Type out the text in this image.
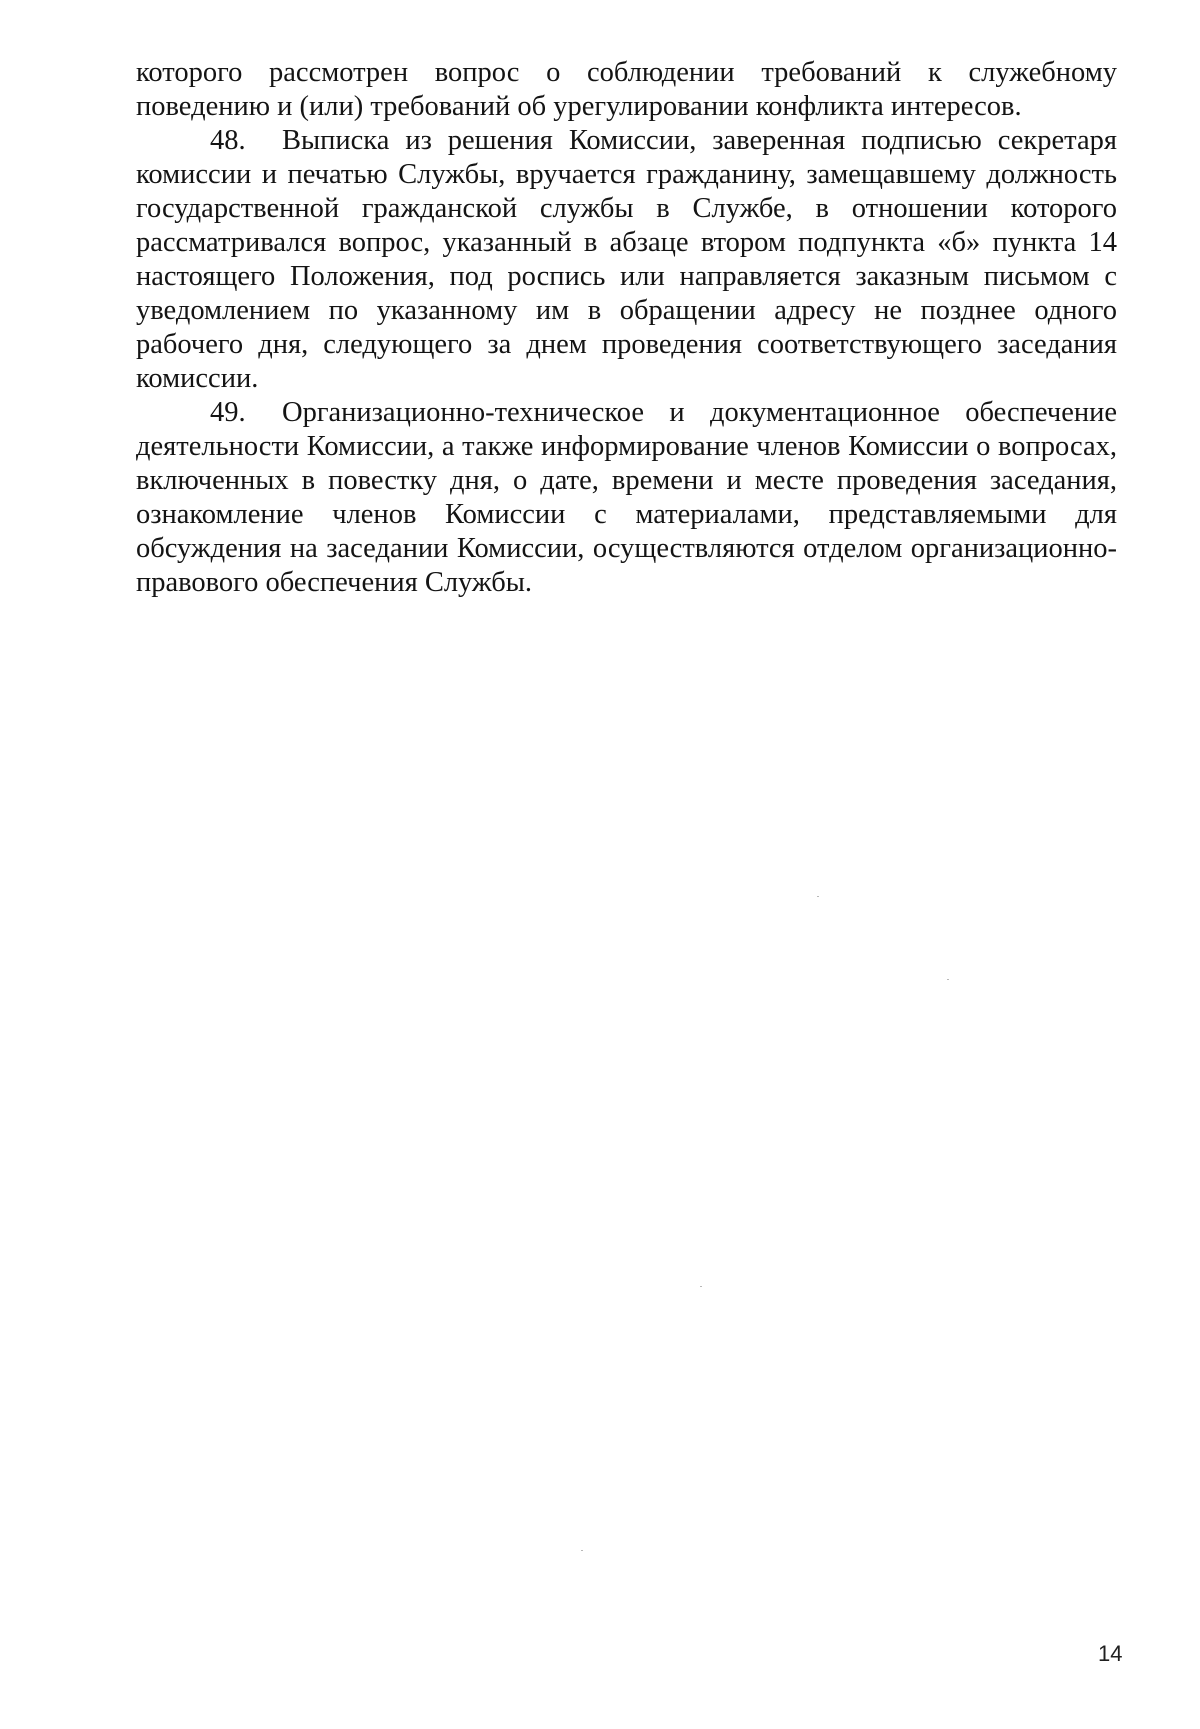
которого рассмотрен вопрос о соблюдении требований к служебному поведению и (или) требований об урегулировании конфликта интересов.

48. Выписка из решения Комиссии, заверенная подписью секретаря комиссии и печатью Службы, вручается гражданину, замещавшему должность государственной гражданской службы в Службе, в отношении которого рассматривался вопрос, указанный в абзаце втором подпункта «б» пункта 14 настоящего Положения, под роспись или направляется заказным письмом с уведомлением по указанному им в обращении адресу не позднее одного рабочего дня, следующего за днем проведения соответствующего заседания комиссии.

49. Организационно-техническое и документационное обеспечение деятельности Комиссии, а также информирование членов Комиссии о вопросах, включенных в повестку дня, о дате, времени и месте проведения заседания, ознакомление членов Комиссии с материалами, представляемыми для обсуждения на заседании Комиссии, осуществляются отделом организационно-правового обеспечения Службы.

14
